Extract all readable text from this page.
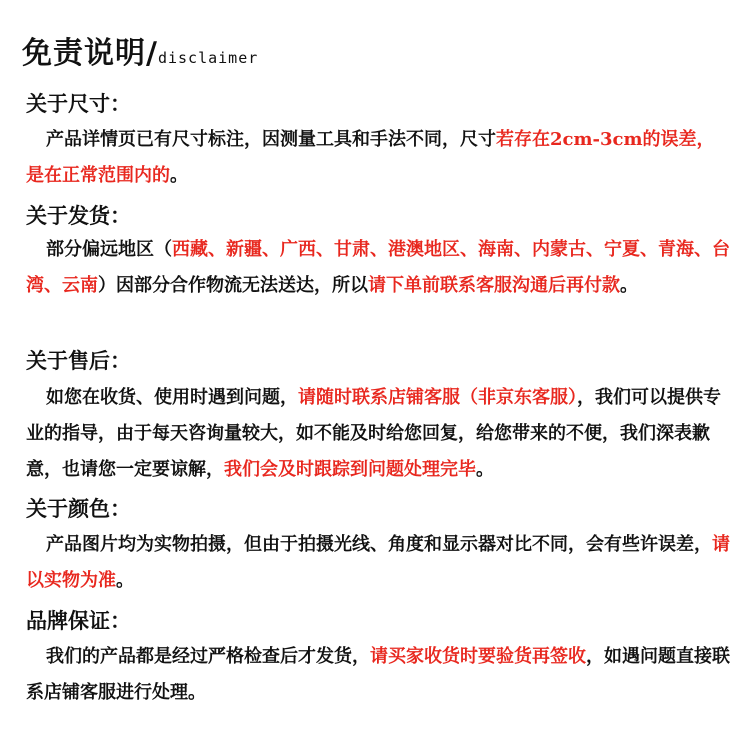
免责说明/disclaimer
关于尺寸：
产品详情页已有尺寸标注，因测量工具和手法不同，尺寸若存在2cm-3cm的误差，是在正常范围内的。
关于发货：
部分偏远地区（西藏、新疆、广西、甘肃、港澳地区、海南、内蒙古、宁夏、青海、台湾、云南）因部分合作物流无法送达，所以请下单前联系客服沟通后再付款。
关于售后：
如您在收货、使用时遇到问题，请随时联系店铺客服（非京东客服），我们可以提供专业的指导，由于每天咨询量较大，如不能及时给您回复，给您带来的不便，我们深表歉意，也请您一定要谅解，我们会及时跟踪到问题处理完毕。
关于颜色：
产品图片均为实物拍摄，但由于拍摄光线、角度和显示器对比不同，会有些许误差，请以实物为准。
品牌保证：
我们的产品都是经过严格检查后才发货，请买家收货时要验货再签收，如遇问题直接联系店铺客服进行处理。
